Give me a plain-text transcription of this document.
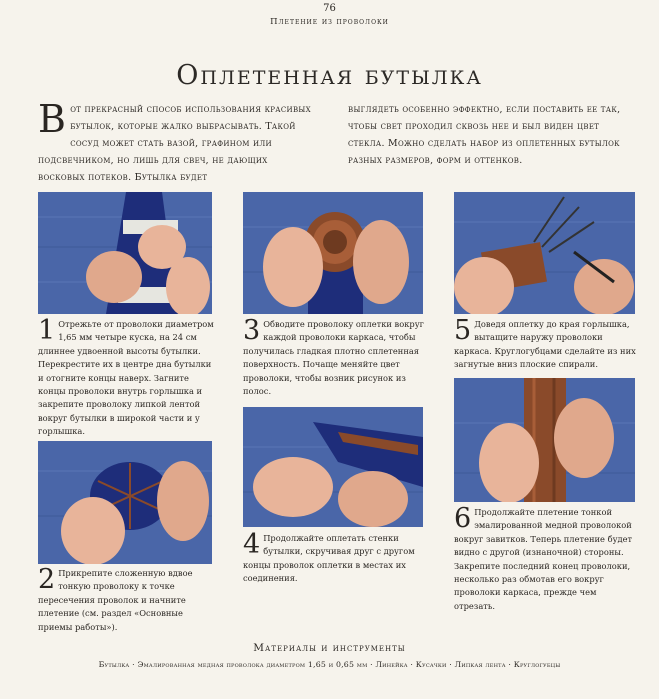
76
Плетение из проволоки
Оплетенная бутылка
В от прекрасный способ использования красивых бутылок, которые жалко выбрасывать. Такой сосуд может стать вазой, графином или подсвечником, но лишь для свеч, не дающих восковых потеков. Бутылка будет
выглядеть особенно эффектно, если поставить ее так, чтобы свет проходил сквозь нее и был виден цвет стекла. Можно сделать набор из оплетенных бутылок разных размеров, форм и оттенков.
1 Отрежьте от проволоки диаметром 1,65 мм четыре куска, на 24 см длиннее удвоенной высоты бутылки. Перекрестите их в центре дна бутылки и отогните концы наверх. Загните концы проволоки внутрь горлышка и закрепите проволоку липкой лентой вокруг бутылки в широкой части и у горлышка.
2 Прикрепите сложенную вдвое тонкую проволоку к точке пересечения проволок и начните плетение (см. раздел «Основные приемы работы»).
3 Обводите проволоку оплетки вокруг каждой проволоки каркаса, чтобы получилась гладкая плотно сплетенная поверхность. Почаще меняйте цвет проволоки, чтобы возник рисунок из полос.
4 Продолжайте оплетать стенки бутылки, скручивая друг с другом концы проволок оплетки в местах их соединения.
5 Доведя оплетку до края горлышка, вытащите наружу проволоки каркаса. Круглогубцами сделайте из них загнутые вниз плоские спирали.
6 Продолжайте плетение тонкой эмалированной медной проволокой вокруг завитков. Теперь плетение будет видно с другой (изнаночной) стороны. Закрепите последний конец проволоки, несколько раз обмотав его вокруг проволоки каркаса, прежде чем отрезать.
Материалы и инструменты
Бутылка · Эмалированная медная проволока диаметром 1,65 и 0,65 мм · Линейка · Кусачки · Липкая лента · Круглогубцы
